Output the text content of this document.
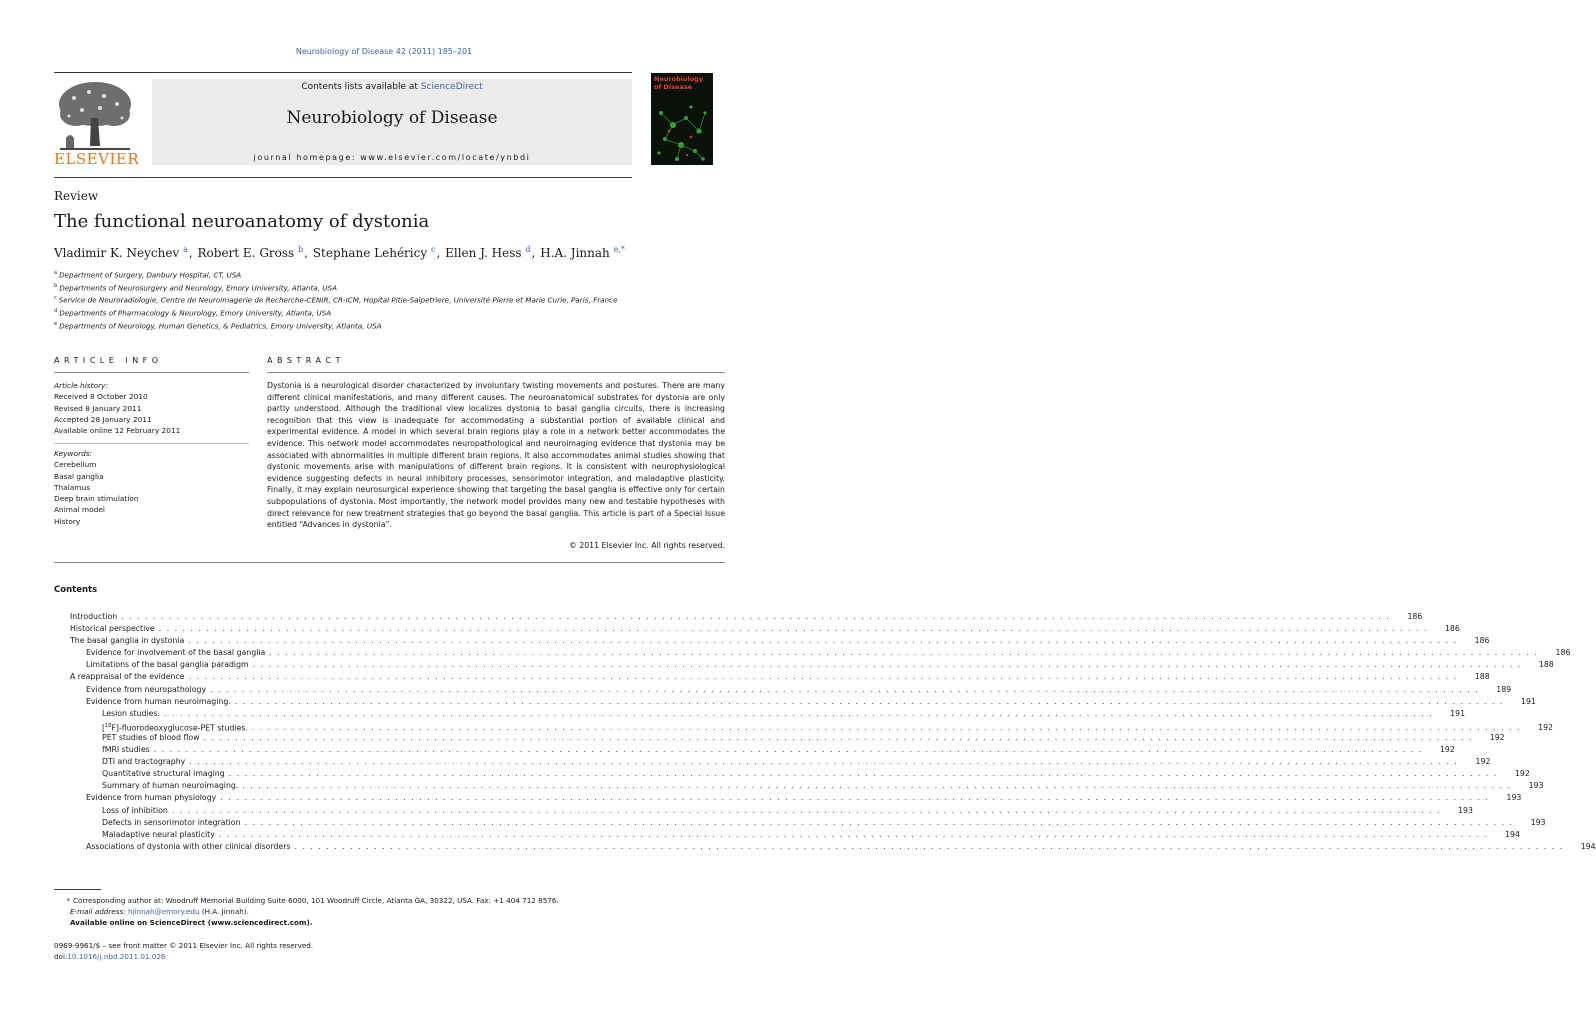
Neurobiology of Disease 42 (2011) 185–201
Contents lists available at ScienceDirect
Neurobiology of Disease
journal homepage: www.elsevier.com/locate/ynbdi
ELSEVIER
Neurobiology of Disease
Review
The functional neuroanatomy of dystonia
Vladimir K. Neychev $^a$, Robert E. Gross $^b$, Stephane Lehéricy $^c$, Ellen J. Hess $^d$, H.A. Jinnah $^{e,*}$
$^a$ Department of Surgery, Danbury Hospital, CT, USA
$^b$ Departments of Neurosurgery and Neurology, Emory University, Atlanta, USA
$^c$ Service de Neuroradiologie, Centre de Neuroimagerie de Recherche-CENIR, CR-ICM, Hopital Pitie-Salpetriere, Université Pierre et Marie Curie, Paris, France
$^d$ Departments of Pharmacology & Neurology, Emory University, Atlanta, USA
$^e$ Departments of Neurology, Human Genetics, & Pediatrics, Emory University, Atlanta, USA
ARTICLE INFO	ABSTRACT
Article history:
Received 8 October 2010
Revised 8 January 2011
Accepted 28 January 2011
Available online 12 February 2011
Keywords:
Cerebellum
Basal ganglia
Thalamus
Deep brain stimulation
Animal model
History
Dystonia is a neurological disorder characterized by involuntary twisting movements and postures. There are many different clinical manifestations, and many different causes. The neuroanatomical substrates for dystonia are only partly understood. Although the traditional view localizes dystonia to basal ganglia circuits, there is increasing recognition that this view is inadequate for accommodating a substantial portion of available clinical and experimental evidence. A model in which several brain regions play a role in a network better accommodates the evidence. This network model accommodates neuropathological and neuroimaging evidence that dystonia may be associated with abnormalities in multiple different brain regions. It also accommodates animal studies showing that dystonic movements arise with manipulations of different brain regions. It is consistent with neurophysiological evidence suggesting defects in neural inhibitory processes, sensorimotor integration, and maladaptive plasticity. Finally, it may explain neurosurgical experience showing that targeting the basal ganglia is effective only for certain subpopulations of dystonia. Most importantly, the network model provides many new and testable hypotheses with direct relevance for new treatment strategies that go beyond the basal ganglia. This article is part of a Special Issue entitled “Advances in dystonia”.
© 2011 Elsevier Inc. All rights reserved.
Contents
Introduction . . . . . . . . . . . . . . . . . . . . . . . . . . . . . . . . . . . . . . . . . . . . . . . . . . . . . . . . . . . . . . . . . . . . . . . . . . . . . . . . . . . . . . . . . . . . . . . . . . . . . . . . . . . . . . . . . . . . . . . . . . . . . . . . . . . . . . . . . . . . . . . . . . . . . . . . . . . . . . . .	186
Historical perspective . . . . . . . . . . . . . . . . . . . . . . . . . . . . . . . . . . . . . . . . . . . . . . . . . . . . . . . . . . . . . . . . . . . . . . . . . . . . . . . . . . . . . . . . . . . . . . . . . . . . . . . . . . . . . . . . . . . . . . . . . . . . . . . . . . . . . . . . . . . . . . . . . . . . . . . . . . . . . . . .	186
The basal ganglia in dystonia . . . . . . . . . . . . . . . . . . . . . . . . . . . . . . . . . . . . . . . . . . . . . . . . . . . . . . . . . . . . . . . . . . . . . . . . . . . . . . . . . . . . . . . . . . . . . . . . . . . . . . . . . . . . . . . . . . . . . . . . . . . . . . . . . . . . . . . . . . . . . . . . . . . . . . . . . . . . . . . .	186
Evidence for involvement of the basal ganglia . . . . . . . . . . . . . . . . . . . . . . . . . . . . . . . . . . . . . . . . . . . . . . . . . . . . . . . . . . . . . . . . . . . . . . . . . . . . . . . . . . . . . . . . . . . . . . . . . . . . . . . . . . . . . . . . . . . . . . . . . . . . . . . . . . . . . . . . . . . . . . . . . . . . . . . . . . . . . . . .	186
Limitations of the basal ganglia paradigm . . . . . . . . . . . . . . . . . . . . . . . . . . . . . . . . . . . . . . . . . . . . . . . . . . . . . . . . . . . . . . . . . . . . . . . . . . . . . . . . . . . . . . . . . . . . . . . . . . . . . . . . . . . . . . . . . . . . . . . . . . . . . . . . . . . . . . . . . . . . . . . . . . . . . . . . . . . . . . . .	188
A reappraisal of the evidence . . . . . . . . . . . . . . . . . . . . . . . . . . . . . . . . . . . . . . . . . . . . . . . . . . . . . . . . . . . . . . . . . . . . . . . . . . . . . . . . . . . . . . . . . . . . . . . . . . . . . . . . . . . . . . . . . . . . . . . . . . . . . . . . . . . . . . . . . . . . . . . . . . . . . . . . . . . . . . . .	188
Evidence from neuropathology . . . . . . . . . . . . . . . . . . . . . . . . . . . . . . . . . . . . . . . . . . . . . . . . . . . . . . . . . . . . . . . . . . . . . . . . . . . . . . . . . . . . . . . . . . . . . . . . . . . . . . . . . . . . . . . . . . . . . . . . . . . . . . . . . . . . . . . . . . . . . . . . . . . . . . . . . . . . . . . .	189
Evidence from human neuroimaging. . . . . . . . . . . . . . . . . . . . . . . . . . . . . . . . . . . . . . . . . . . . . . . . . . . . . . . . . . . . . . . . . . . . . . . . . . . . . . . . . . . . . . . . . . . . . . . . . . . . . . . . . . . . . . . . . . . . . . . . . . . . . . . . . . . . . . . . . . . . . . . . . . . . . . . . . . . . . . . . .	191
Lesion studies. . . . . . . . . . . . . . . . . . . . . . . . . . . . . . . . . . . . . . . . . . . . . . . . . . . . . . . . . . . . . . . . . . . . . . . . . . . . . . . . . . . . . . . . . . . . . . . . . . . . . . . . . . . . . . . . . . . . . . . . . . . . . . . . . . . . . . . . . . . . . . . . . . . . . . . . . . . . . . . . .	191
[$^{18}$F]-fluorodeoxyglucose-PET studies. . . . . . . . . . . . . . . . . . . . . . . . . . . . . . . . . . . . . . . . . . . . . . . . . . . . . . . . . . . . . . . . . . . . . . . . . . . . . . . . . . . . . . . . . . . . . . . . . . . . . . . . . . . . . . . . . . . . . . . . . . . . . . . . . . . . . . . . . . . . . . . . . . . . . . . . . . . . . . . . .	192
PET studies of blood flow . . . . . . . . . . . . . . . . . . . . . . . . . . . . . . . . . . . . . . . . . . . . . . . . . . . . . . . . . . . . . . . . . . . . . . . . . . . . . . . . . . . . . . . . . . . . . . . . . . . . . . . . . . . . . . . . . . . . . . . . . . . . . . . . . . . . . . . . . . . . . . . . . . . . . . . . . . . . . . . .	192
fMRI studies . . . . . . . . . . . . . . . . . . . . . . . . . . . . . . . . . . . . . . . . . . . . . . . . . . . . . . . . . . . . . . . . . . . . . . . . . . . . . . . . . . . . . . . . . . . . . . . . . . . . . . . . . . . . . . . . . . . . . . . . . . . . . . . . . . . . . . . . . . . . . . . . . . . . . . . . . . . . . . . .	192
DTI and tractography . . . . . . . . . . . . . . . . . . . . . . . . . . . . . . . . . . . . . . . . . . . . . . . . . . . . . . . . . . . . . . . . . . . . . . . . . . . . . . . . . . . . . . . . . . . . . . . . . . . . . . . . . . . . . . . . . . . . . . . . . . . . . . . . . . . . . . . . . . . . . . . . . . . . . . . . . . . . . . . .	192
Quantitative structural imaging . . . . . . . . . . . . . . . . . . . . . . . . . . . . . . . . . . . . . . . . . . . . . . . . . . . . . . . . . . . . . . . . . . . . . . . . . . . . . . . . . . . . . . . . . . . . . . . . . . . . . . . . . . . . . . . . . . . . . . . . . . . . . . . . . . . . . . . . . . . . . . . . . . . . . . . . . . . . . . . .	192
Summary of human neuroimaging. . . . . . . . . . . . . . . . . . . . . . . . . . . . . . . . . . . . . . . . . . . . . . . . . . . . . . . . . . . . . . . . . . . . . . . . . . . . . . . . . . . . . . . . . . . . . . . . . . . . . . . . . . . . . . . . . . . . . . . . . . . . . . . . . . . . . . . . . . . . . . . . . . . . . . . . . . . . . . . . .	193
Evidence from human physiology . . . . . . . . . . . . . . . . . . . . . . . . . . . . . . . . . . . . . . . . . . . . . . . . . . . . . . . . . . . . . . . . . . . . . . . . . . . . . . . . . . . . . . . . . . . . . . . . . . . . . . . . . . . . . . . . . . . . . . . . . . . . . . . . . . . . . . . . . . . . . . . . . . . . . . . . . . . . . . . .	193
Loss of inhibition . . . . . . . . . . . . . . . . . . . . . . . . . . . . . . . . . . . . . . . . . . . . . . . . . . . . . . . . . . . . . . . . . . . . . . . . . . . . . . . . . . . . . . . . . . . . . . . . . . . . . . . . . . . . . . . . . . . . . . . . . . . . . . . . . . . . . . . . . . . . . . . . . . . . . . . . . . . . . . . .	193
Defects in sensorimotor integration . . . . . . . . . . . . . . . . . . . . . . . . . . . . . . . . . . . . . . . . . . . . . . . . . . . . . . . . . . . . . . . . . . . . . . . . . . . . . . . . . . . . . . . . . . . . . . . . . . . . . . . . . . . . . . . . . . . . . . . . . . . . . . . . . . . . . . . . . . . . . . . . . . . . . . . . . . . . . . . .	193
Maladaptive neural plasticity . . . . . . . . . . . . . . . . . . . . . . . . . . . . . . . . . . . . . . . . . . . . . . . . . . . . . . . . . . . . . . . . . . . . . . . . . . . . . . . . . . . . . . . . . . . . . . . . . . . . . . . . . . . . . . . . . . . . . . . . . . . . . . . . . . . . . . . . . . . . . . . . . . . . . . . . . . . . . . . .	194
Associations of dystonia with other clinical disorders . . . . . . . . . . . . . . . . . . . . . . . . . . . . . . . . . . . . . . . . . . . . . . . . . . . . . . . . . . . . . . . . . . . . . . . . . . . . . . . . . . . . . . . . . . . . . . . . . . . . . . . . . . . . . . . . . . . . . . . . . . . . . . . . . . . . . . . . . . . . . . . . . . . . . . . . . . . . . . . .	194
* Corresponding author at: Woodruff Memorial Building Suite 6000, 101 Woodruff Circle, Atlanta GA, 30322, USA. Fax: +1 404 712 8576.
E-mail address: hjinnah@emory.edu (H.A. Jinnah).
Available online on ScienceDirect (www.sciencedirect.com).
0969-9961/$ – see front matter © 2011 Elsevier Inc. All rights reserved.
doi:10.1016/j.nbd.2011.01.026
